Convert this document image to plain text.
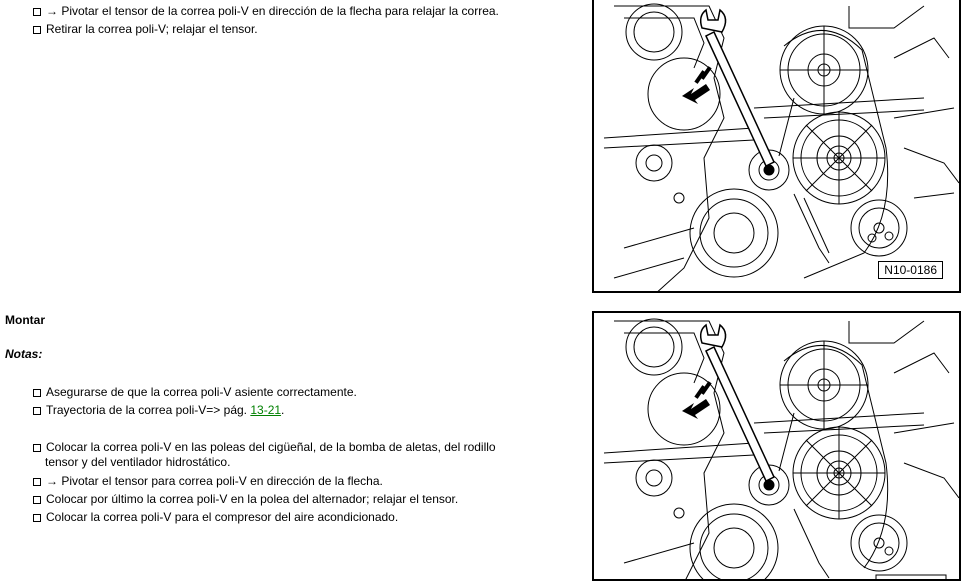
→ Pivotar el tensor de la correa poli-V en dirección de la flecha para relajar la correa.
Retirar la correa poli-V; relajar el tensor.
Montar
Notas:
Asegurarse de que la correa poli-V asiente correctamente.
Trayectoria de la correa poli-V=> pág. 13-21.
Colocar la correa poli-V en las poleas del cigüeñal, de la bomba de aletas, del rodillo
tensor y del ventilador hidrostático.
→ Pivotar el tensor para correa poli-V en dirección de la flecha.
Colocar por último la correa poli-V en la polea del alternador; relajar el tensor.
Colocar la correa poli-V para el compresor del aire acondicionado.
N10-0186
